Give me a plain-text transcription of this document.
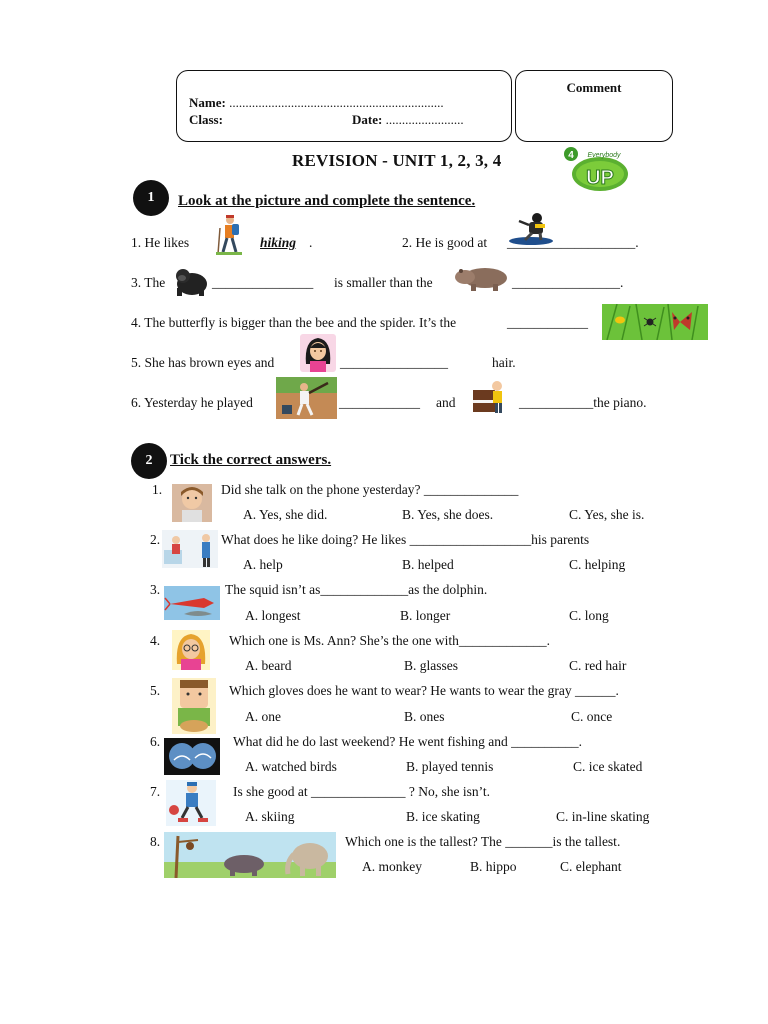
Name: ..................................................................
Class:	Date: ........................
Comment
REVISION - UNIT 1, 2, 3, 4	4 Everybody
UP
1	Look at the picture and complete the sentence.
1. He likes	hiking .	2. He is good at ___________________.
3. The	_______________ is smaller than the	________________.
4. The butterfly is bigger than the bee and the spider. It’s the	____________
5. She has brown eyes and	________________	hair.
6. Yesterday he played	____________ and	___________the piano.
2	Tick the correct answers.
1.	Did she talk on the phone yesterday? ______________
A. Yes, she did.	B. Yes, she does.	C. Yes, she is.
2.	What does he like doing? He likes __________________his parents
A. help	B. helped	C. helping
3.	The squid isn’t as_____________as the dolphin.
A. longest	B. longer	C. long
4.	Which one is Ms. Ann? She’s the one with_____________.
A. beard	B. glasses	C. red hair
5.	Which gloves does he want to wear? He wants to wear the gray ______.
A. one	B. ones	C. once
6.	What did he do last weekend? He went fishing and __________.
A. watched birds	B. played tennis	C. ice skated
7.	Is she good at ______________ ? No, she isn’t.
A. skiing	B. ice skating	C. in-line skating
8.	Which one is the tallest? The _______is the tallest.
A. monkey	B. hippo	C. elephant
